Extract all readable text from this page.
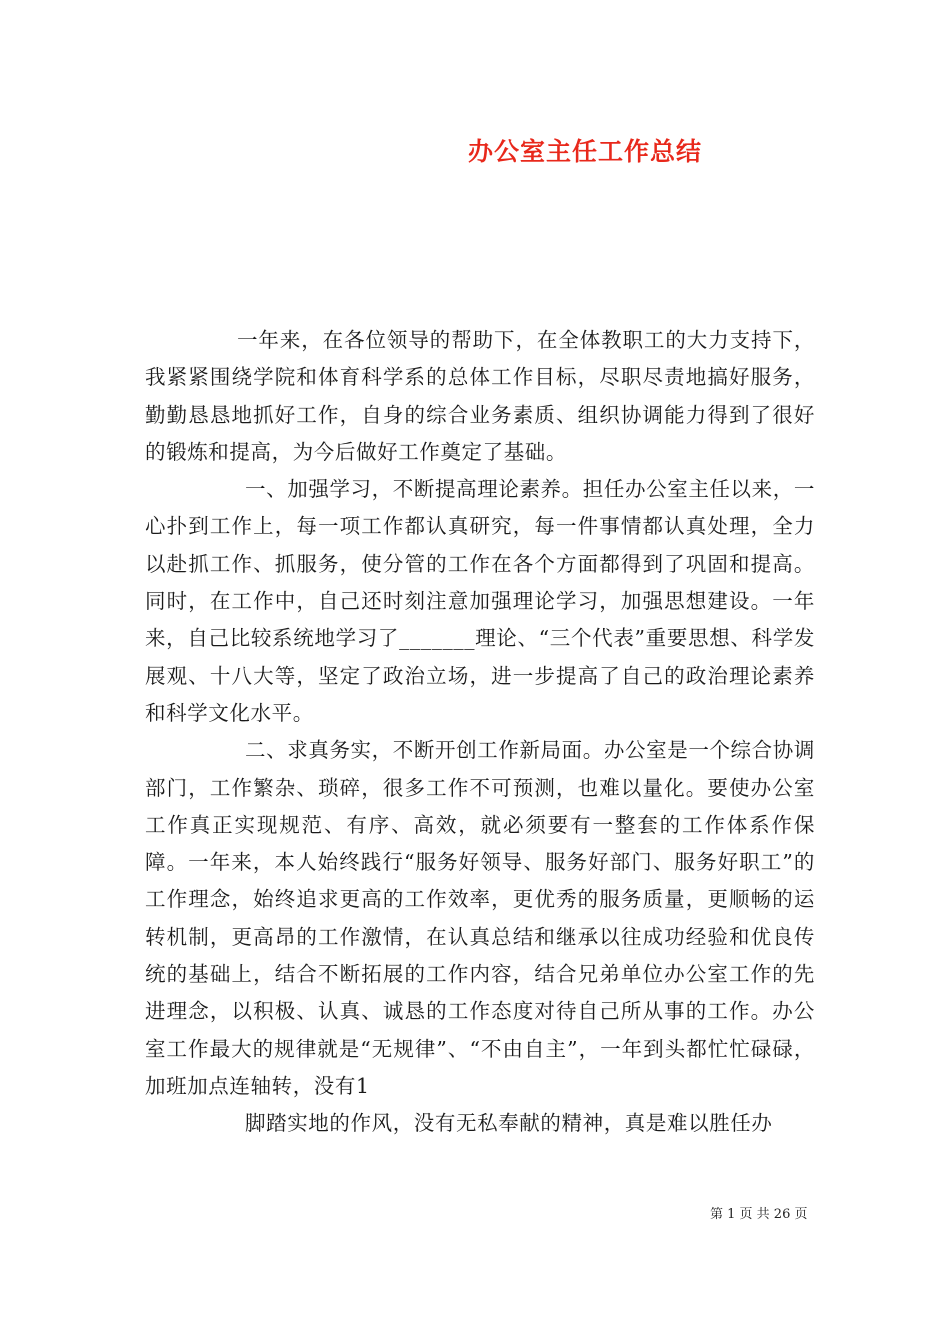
办公室主任工作总结

一年来，在各位领导的帮助下，在全体教职工的大力支持下，我紧紧围绕学院和体育科学系的总体工作目标，尽职尽责地搞好服务，勤勤恳恳地抓好工作，自身的综合业务素质、组织协调能力得到了很好的锻炼和提高，为今后做好工作奠定了基础。

一、加强学习，不断提高理论素养。担任办公室主任以来，一心扑到工作上，每一项工作都认真研究，每一件事情都认真处理，全力以赴抓工作、抓服务，使分管的工作在各个方面都得到了巩固和提高。同时，在工作中，自己还时刻注意加强理论学习，加强思想建设。一年来，自己比较系统地学习了_______理论、“三个代表”重要思想、科学发展观、十八大等，坚定了政治立场，进一步提高了自己的政治理论素养和科学文化水平。

二、求真务实，不断开创工作新局面。办公室是一个综合协调部门，工作繁杂、琐碎，很多工作不可预测，也难以量化。要使办公室工作真正实现规范、有序、高效，就必须要有一整套的工作体系作保障。一年来，本人始终践行“服务好领导、服务好部门、服务好职工”的工作理念，始终追求更高的工作效率，更优秀的服务质量，更顺畅的运转机制，更高昂的工作激情，在认真总结和继承以往成功经验和优良传统的基础上，结合不断拓展的工作内容，结合兄弟单位办公室工作的先进理念，以积极、认真、诚恳的工作态度对待自己所从事的工作。办公室工作最大的规律就是“无规律”、“不由自主”，一年到头都忙忙碌碌，加班加点连轴转，没有1

脚踏实地的作风，没有无私奉献的精神，真是难以胜任办

第 1 页 共 26 页
